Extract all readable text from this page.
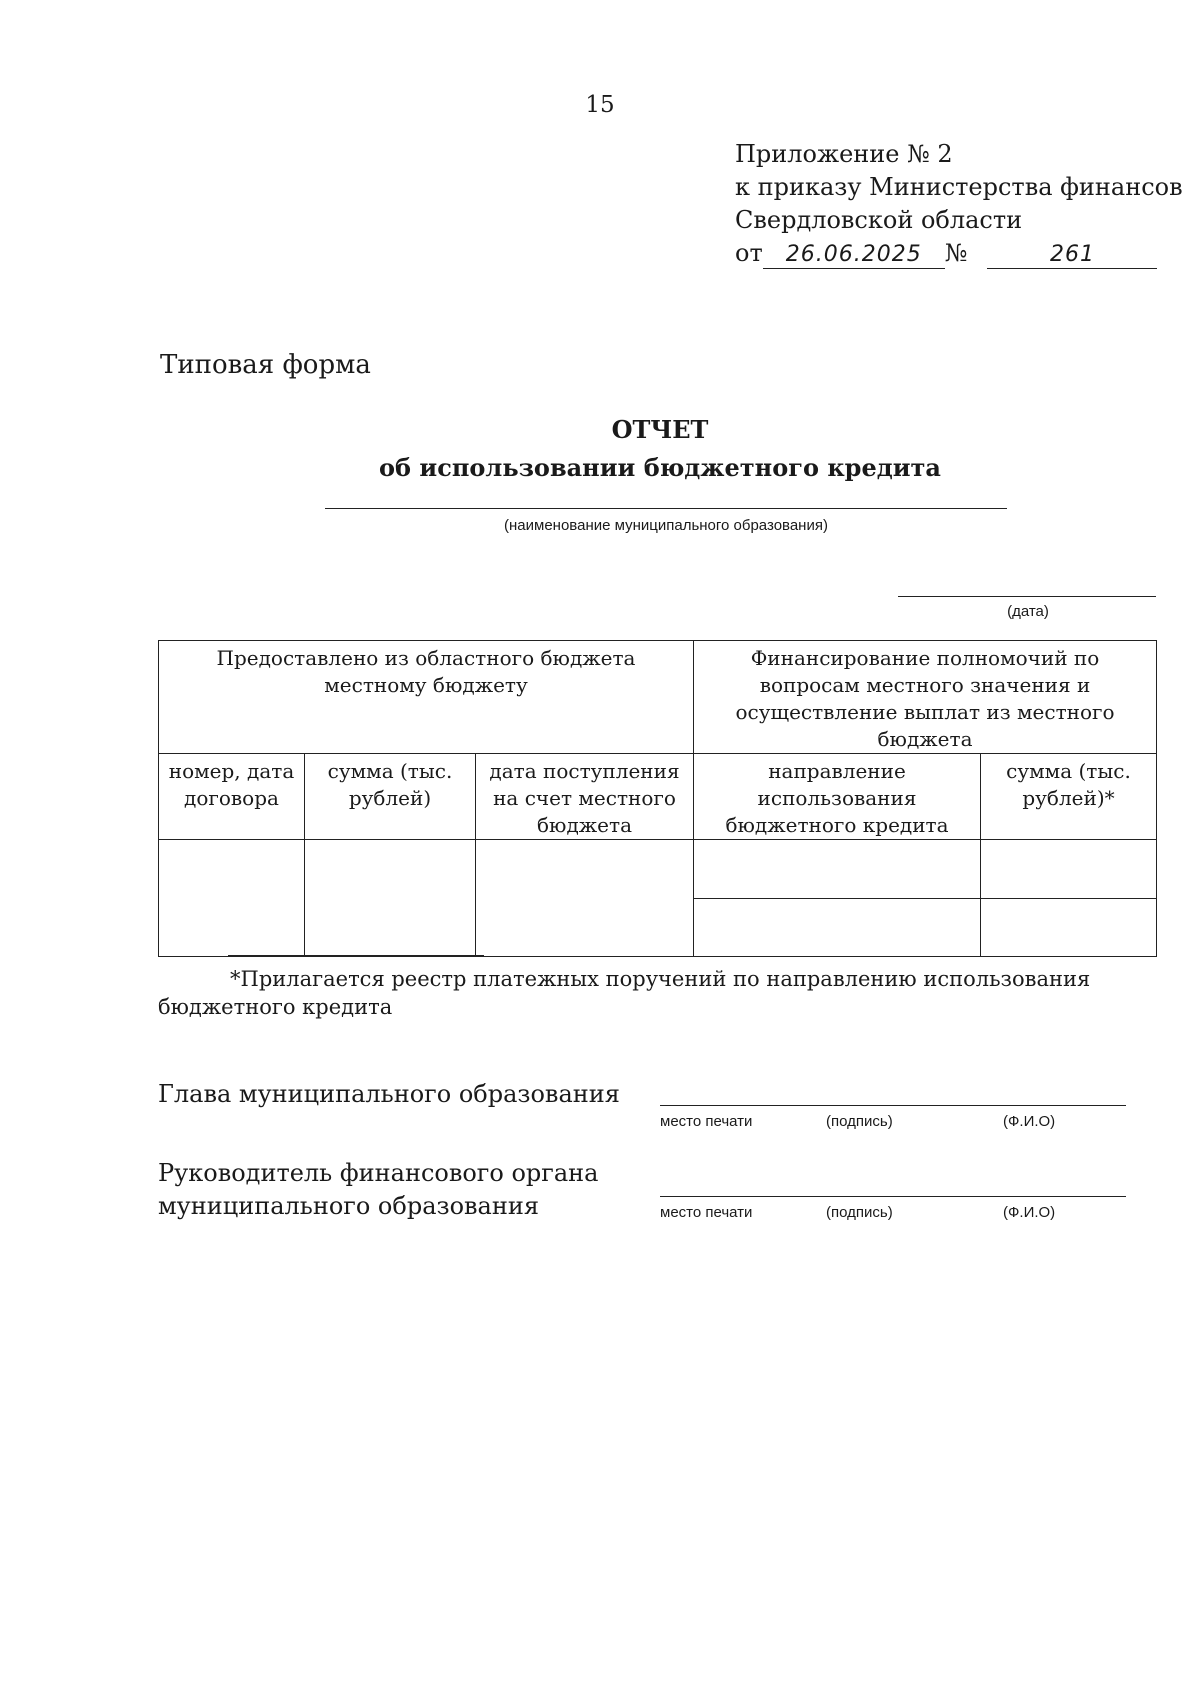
15
Приложение № 2
к приказу Министерства финансов
Свердловской области
от 26.06.2025 №	261
Типовая форма
ОТЧЕТ
об использовании бюджетного кредита
(наименование муниципального образования)
(дата)
Предоставлено из областного бюджета местному бюджету			Финансирование полномочий по вопросам местного значения и осуществление выплат из местного бюджета	
номер, дата договора	сумма (тыс. рублей)	дата поступления на счет местного бюджета	направление использования бюджетного кредита	сумма (тыс. рублей)*

*Прилагается реестр платежных поручений по направлению использования бюджетного кредита
Глава муниципального образования
место печати	(подпись)	(Ф.И.О)
Руководитель финансового органа
муниципального образования	место печати	(подпись)	(Ф.И.О)
